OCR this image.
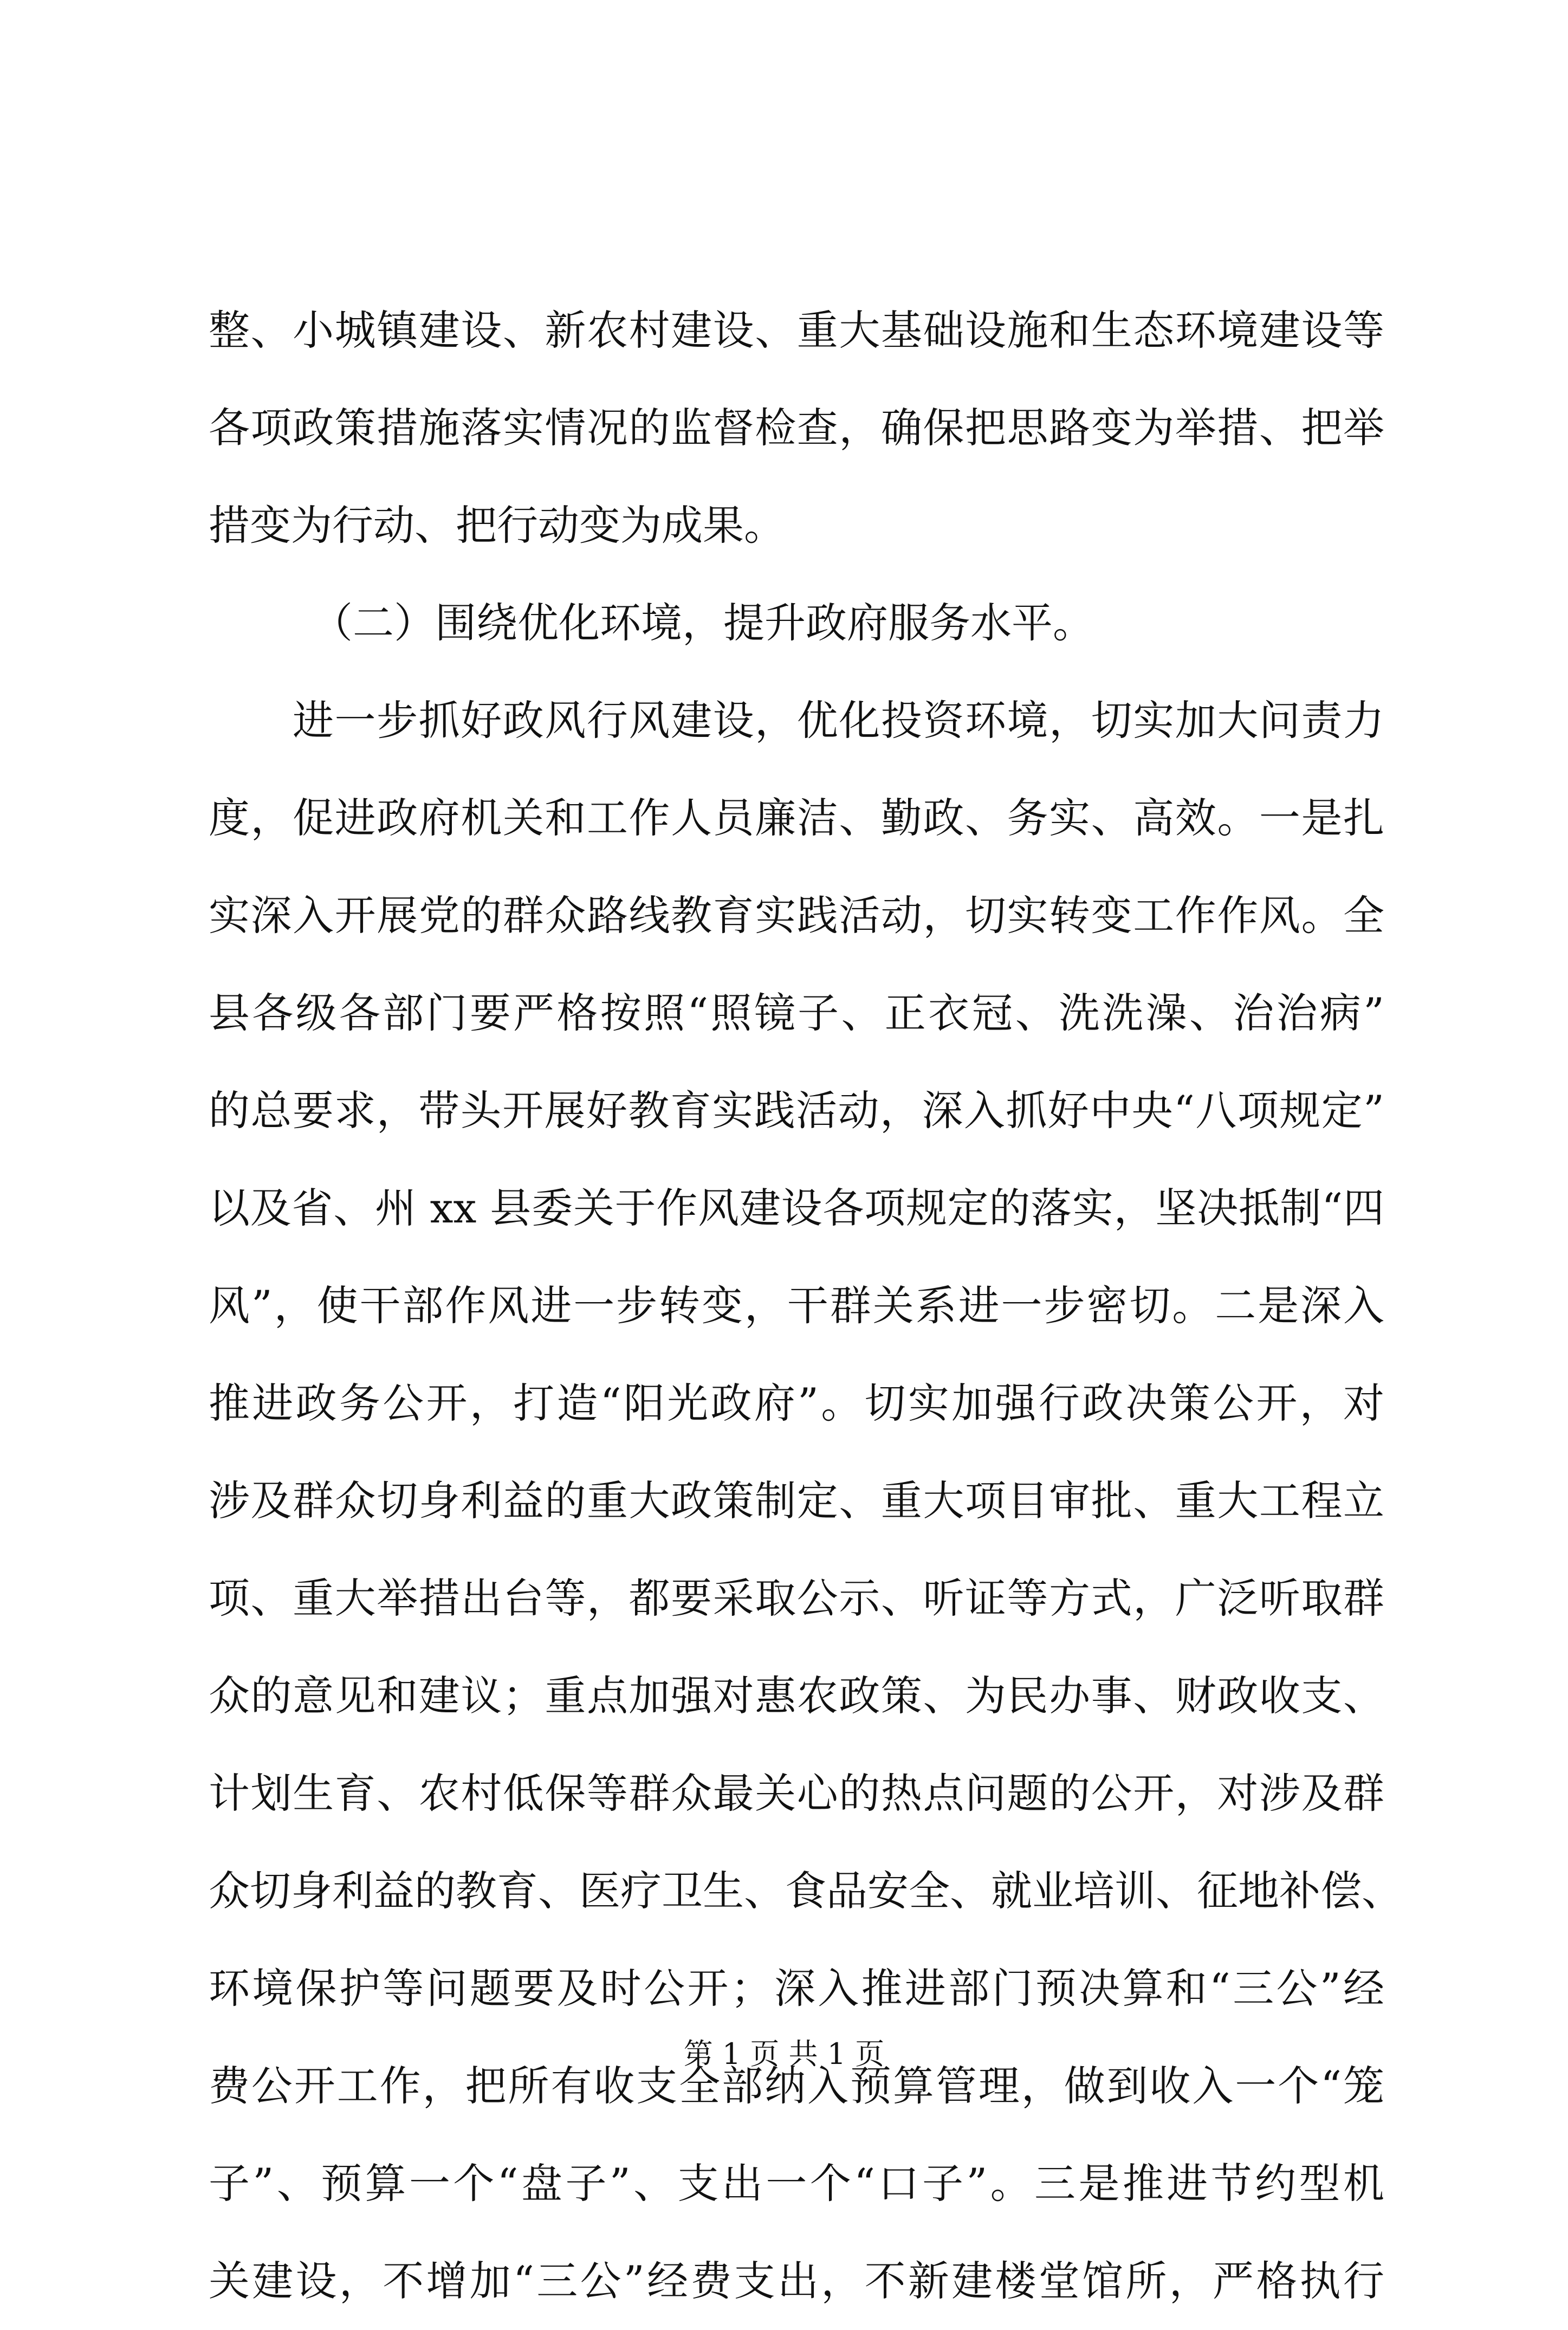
整、小城镇建设、新农村建设、重大基础设施和生态环境建设等
各项政策措施落实情况的监督检查，确保把思路变为举措、把举
措变为行动、把行动变为成果。
（二）围绕优化环境，提升政府服务水平。
进一步抓好政风行风建设，优化投资环境，切实加大问责力
度，促进政府机关和工作人员廉洁、勤政、务实、高效。一是扎
实深入开展党的群众路线教育实践活动，切实转变工作作风。全
县各级各部门要严格按照“照镜子、正衣冠、洗洗澡、治治病”
的总要求，带头开展好教育实践活动，深入抓好中央“八项规定”
以及省、州 xx 县委关于作风建设各项规定的落实，坚决抵制“四
风”，使干部作风进一步转变，干群关系进一步密切。二是深入
推进政务公开，打造“阳光政府”。切实加强行政决策公开，对
涉及群众切身利益的重大政策制定、重大项目审批、重大工程立
项、重大举措出台等，都要采取公示、听证等方式，广泛听取群
众的意见和建议；重点加强对惠农政策、为民办事、财政收支、
计划生育、农村低保等群众最关心的热点问题的公开，对涉及群
众切身利益的教育、医疗卫生、食品安全、就业培训、征地补偿、
环境保护等问题要及时公开；深入推进部门预决算和“三公”经
费公开工作，把所有收支全部纳入预算管理，做到收入一个“笼
子”、预算一个“盘子”、支出一个“口子”。三是推进节约型机
关建设，不增加“三公”经费支出，不新建楼堂馆所，严格执行
第 1 页 共 1 页
